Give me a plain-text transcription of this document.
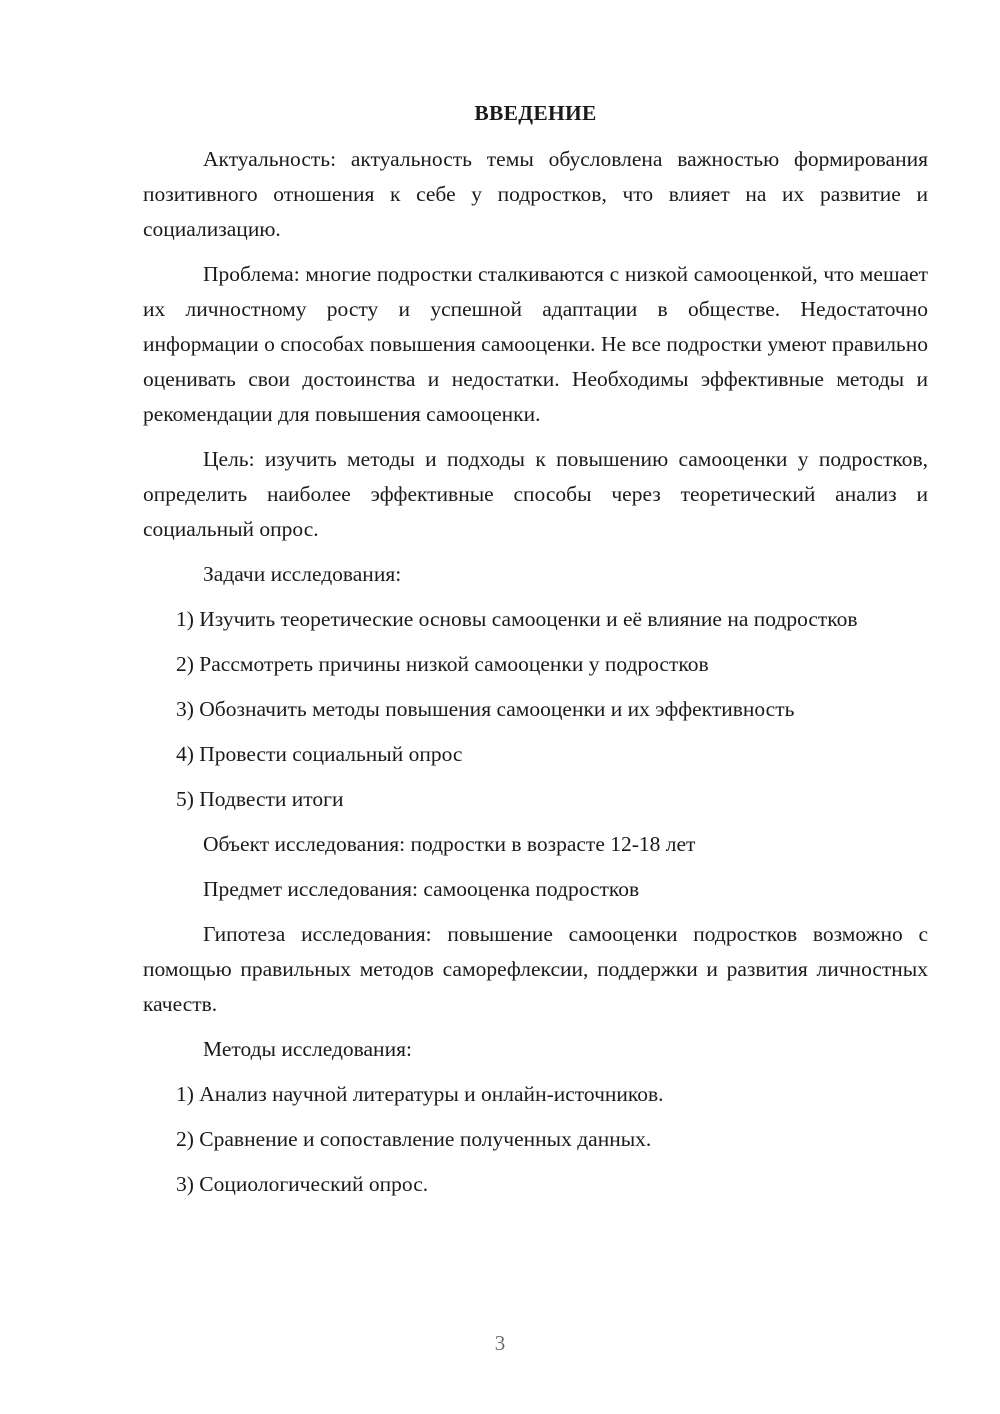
ВВЕДЕНИЕ

Актуальность: актуальность темы обусловлена важностью формирования позитивного отношения к себе у подростков, что влияет на их развитие и социализацию.

Проблема: многие подростки сталкиваются с низкой самооценкой, что мешает их личностному росту и успешной адаптации в обществе. Недостаточно информации о способах повышения самооценки. Не все подростки умеют правильно оценивать свои достоинства и недостатки. Необходимы эффективные методы и рекомендации для повышения самооценки.

Цель: изучить методы и подходы к повышению самооценки у подростков, определить наиболее эффективные способы через теоретический анализ и социальный опрос.

Задачи исследования:

1) Изучить теоретические основы самооценки и её влияние на подростков

2) Рассмотреть причины низкой самооценки у подростков

3) Обозначить методы повышения самооценки и их эффективность

4) Провести социальный опрос

5) Подвести итоги

Объект исследования: подростки в возрасте 12-18 лет

Предмет исследования: самооценка подростков

Гипотеза исследования: повышение самооценки подростков возможно с помощью правильных методов саморефлексии, поддержки и развития личностных качеств.

Методы исследования:

1) Анализ научной литературы и онлайн-источников.

2) Сравнение и сопоставление полученных данных.

3) Социологический опрос.

3
